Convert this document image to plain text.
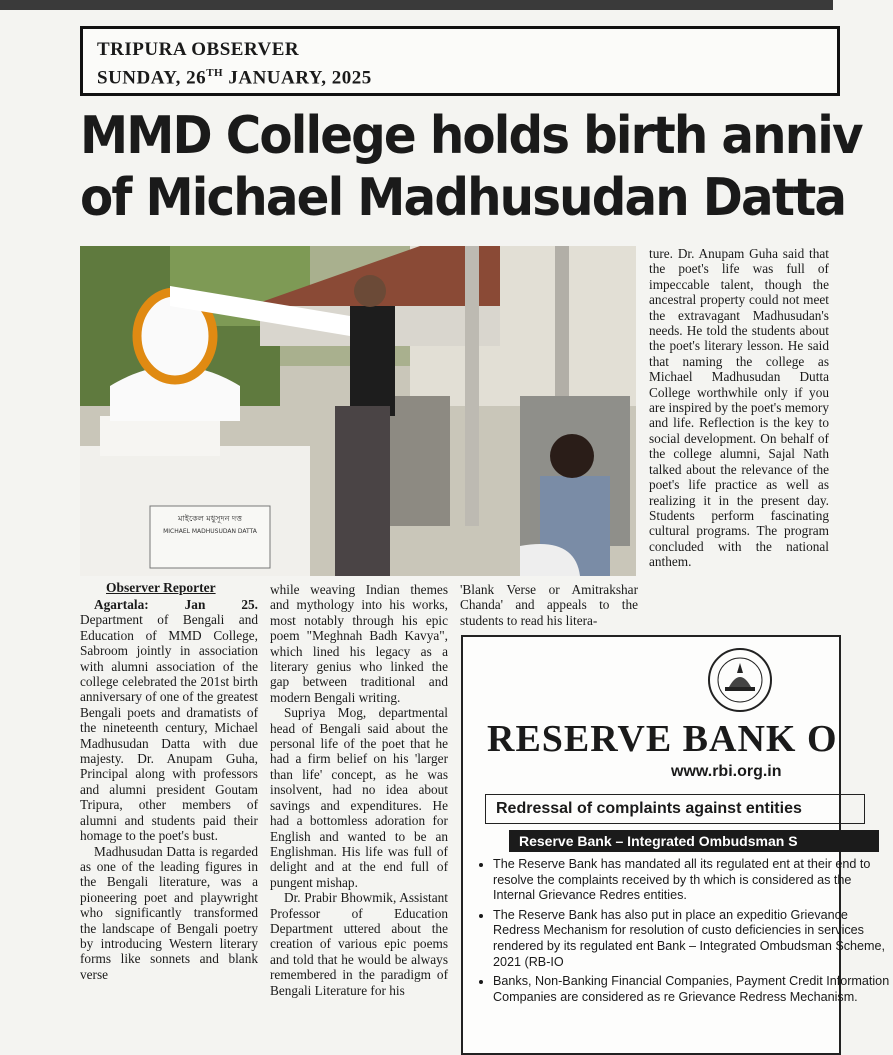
TRIPURA OBSERVER
SUNDAY, 26TH JANUARY, 2025
MMD College holds birth anniv
of Michael Madhusudan Datta
মাইকেল মধুসূদন দত্ত
MICHAEL MADHUSUDAN DATTA
Observer Reporter

Agartala: Jan 25. Department of Bengali and Education of MMD College, Sabroom jointly in association with alumni association of the college celebrated the 201st birth anniversary of one of the greatest Bengali poets and dramatists of the nineteenth century, Michael Madhusudan Datta with due majesty. Dr. Anupam Guha, Principal along with professors and alumni president Goutam Tripura, other members of alumni and students paid their homage to the poet's bust.

Madhusudan Datta is regarded as one of the leading figures in the Bengali literature, was a pioneering poet and playwright who significantly transformed the landscape of Bengali poetry by introducing Western literary forms like sonnets and blank verse

while weaving Indian themes and mythology into his works, most notably through his epic poem "Meghnah Badh Kavya", which lined his legacy as a literary genius who linked the gap between traditional and modern Bengali writing.

Supriya Mog, departmental head of Bengali said about the personal life of the poet that he had a firm belief on his 'larger than life' concept, as he was insolvent, had no idea about savings and expenditures. He had a bottomless adoration for English and wanted to be an Englishman. His life was full of delight and at the end full of pungent mishap.

Dr. Prabir Bhowmik, Assistant Professor of Education Department uttered about the creation of various epic poems and told that he would be always remembered in the paradigm of Bengali Literature for his

'Blank Verse or Amitrakshar Chanda' and appeals to the students to read his litera-

ture. Dr. Anupam Guha said that the poet's life was full of impeccable talent, though the ancestral property could not meet the extravagant Madhusudan's needs. He told the students about the poet's literary lesson. He said that naming the college as Michael Madhusudan Dutta College worthwhile only if you are inspired by the poet's memory and life. Reflection is the key to social development. On behalf of the college alumni, Sajal Nath talked about the relevance of the poet's life practice as well as realizing it in the present day. Students perform fascinating cultural programs. The program concluded with the national anthem.

RESERVE BANK O
www.rbi.org.in
Redressal of complaints against entities
Reserve Bank – Integrated Ombudsman S
• The Reserve Bank has mandated all its regulated ent at their end to resolve the complaints received by th which is considered as the Internal Grievance Redres entities.
• The Reserve Bank has also put in place an expeditio Grievance Redress Mechanism for resolution of custo deficiencies in services rendered by its regulated ent Bank – Integrated Ombudsman Scheme, 2021 (RB-IO
• Banks, Non-Banking Financial Companies, Payment Credit Information Companies are considered as re Grievance Redress Mechanism.
